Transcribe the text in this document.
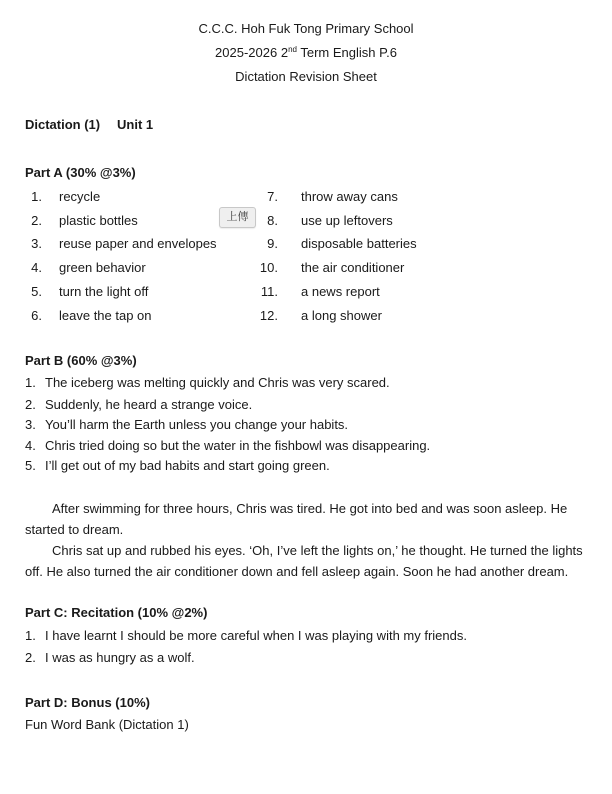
C.C.C. Hoh Fuk Tong Primary School
2025-2026 2nd Term English P.6
Dictation Revision Sheet
Dictation (1) Unit 1
Part A (30% @3%)
1. recycle
2. plastic bottles
3. reuse paper and envelopes
4. green behavior
5. turn the light off
6. leave the tap on
7. throw away cans
8. use up leftovers
9. disposable batteries
10. the air conditioner
11. a news report
12. a long shower
上傳
Part B (60% @3%)
1. The iceberg was melting quickly and Chris was very scared.
2. Suddenly, he heard a strange voice.
3. You’ll harm the Earth unless you change your habits.
4. Chris tried doing so but the water in the fishbowl was disappearing.
5. I’ll get out of my bad habits and start going green.
After swimming for three hours, Chris was tired. He got into bed and was soon asleep. He started to dream.
Chris sat up and rubbed his eyes. ‘Oh, I’ve left the lights on,’ he thought. He turned the lights off. He also turned the air conditioner down and fell asleep again. Soon he had another dream.
Part C: Recitation (10% @2%)
1. I have learnt I should be more careful when I was playing with my friends.
2. I was as hungry as a wolf.
Part D: Bonus (10%)
Fun Word Bank (Dictation 1)
